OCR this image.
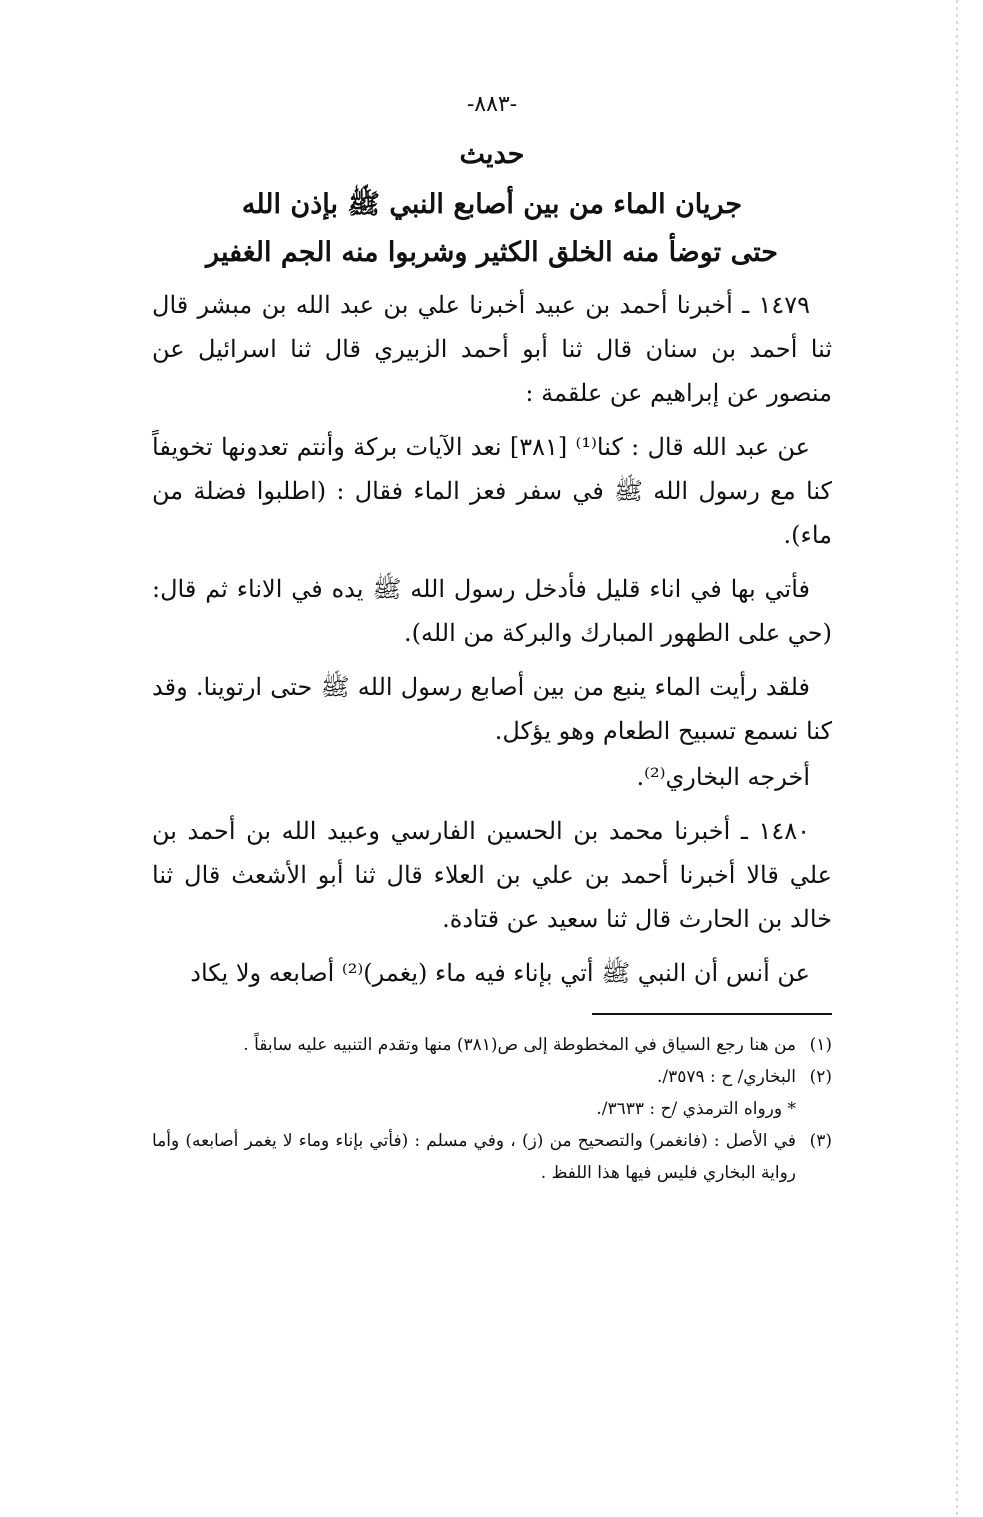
-٨٨٣-
حديث
جريان الماء من بين أصابع النبي ﷺ بإذن الله
حتى توضأ منه الخلق الكثير وشربوا منه الجم الغفير

١٤٧٩ ـ أخبرنا أحمد بن عبيد أخبرنا علي بن عبد الله بن مبشر قال ثنا أحمد بن سنان قال ثنا أبو أحمد الزبيري قال ثنا اسرائيل عن منصور عن إبراهيم عن علقمة :

عن عبد الله قال : كنا⁽¹⁾ [٣٨١] نعد الآيات بركة وأنتم تعدونها تخويفاً كنا مع رسول الله ﷺ في سفر فعز الماء فقال : (اطلبوا فضلة من ماء).

فأتي بها في اناء قليل فأدخل رسول الله ﷺ يده في الاناء ثم قال: (حي على الطهور المبارك والبركة من الله).

فلقد رأيت الماء ينبع من بين أصابع رسول الله ﷺ حتى ارتوينا. وقد كنا نسمع تسبيح الطعام وهو يؤكل.

أخرجه البخاري⁽²⁾.

١٤٨٠ ـ أخبرنا محمد بن الحسين الفارسي وعبيد الله بن أحمد بن علي قالا أخبرنا أحمد بن علي بن العلاء قال ثنا أبو الأشعث قال ثنا خالد بن الحارث قال ثنا سعيد عن قتادة.

عن أنس أن النبي ﷺ أتي بإناء فيه ماء (يغمر)⁽²⁾ أصابعه ولا يكاد

(١)
من هنا رجع السياق في المخطوطة إلى ص(٣٨١) منها وتقدم التنبيه عليه سابقاً .
(٢)
البخاري/ ح : ٣٥٧٩/.
* ورواه الترمذي /ح : ٣٦٣٣/.
(٣)
في الأصل : (فانغمر) والتصحيح من (ز) ، وفي مسلم : (فأتي بإناء وماء لا يغمر أصابعه) وأما رواية البخاري فليس فيها هذا اللفظ .
